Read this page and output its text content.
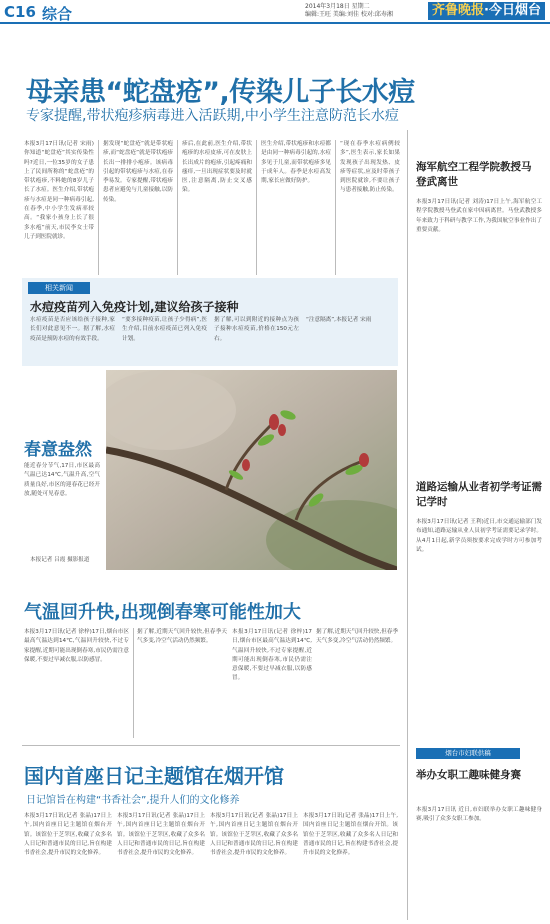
C16 综合	2014年3月18日 星期二
编辑:王旺 美编:刘佳 校对:邱寿湘	齐鲁晚报·今日烟台
母亲患“蛇盘疮”,传染儿子长水痘
专家提醒,带状疱疹病毒进入活跃期,中小学生注意防范长水痘
本报3月17日讯(记者 宋雨) 你知道“蛇盘疮”其实传染性吗?近日,一位35岁的女子患上了民间所称的“蛇盘疮”的带状疱疹,不料她的8岁儿子长了水痘。医生介绍,带状疱疹与水痘是同一种病毒引起,在春季,中小学生发病率较高。“我家小孩身上长了很多水疱”前天,市民李女士带儿子到医院就诊。
据发现“蛇盘疮”就是带状疱疹,而“蛇盘疮”就是带状疱疹长出一排排小疱疹。该病毒引起的带状疱疹与水痘,在春季易发。专家提醒,带状疱疹患者应避免与儿童接触,以防传染。
疹后,在此前,医生介绍,带状疱疹的水痘皮疹,可在皮肤上长出成片的疱疹,引起疼痛和瘙痒,一旦出现症状要及时就医,注意隔离,防止交叉感染。
医生介绍,带状疱疹和水痘都是由同一种病毒引起的,水痘多见于儿童,而带状疱疹多见于成年人。春季是水痘高发期,家长应做好防护。
“现在春季水痘病例较多”,医生表示,家长如果发现孩子出现发热、皮疹等症状,应及时带孩子到医院就诊,不要让孩子与患者接触,防止传染。
相关新闻
水痘疫苗列入免疫计划,建议给孩子接种
水痘疫苗是否应该给孩子接种,家长们对此意见不一。据了解,水痘疫苗是预防水痘的有效手段。
“要多接种疫苗,让孩子少得病”,医生介绍,目前水痘疫苗已列入免疫计划。
据了解,可以到附近的接种点为孩子接种水痘疫苗,价格在150元左右。
“注意隔离”,本报记者 宋雨
春意盎然
能近春分节气,17日,市区最高气温已达14℃,气温升高,空气质量良好,市区的迎春花已经开放,随处可见春意。
本报记者 吕霞 摄影报道
气温回升快,出现倒春寒可能性加大
本报3月17日讯(记者 徐梓)17日,烟台市区最高气温达到14℃,气温回升较快,不过专家提醒,近期可能出现倒春寒,市民仍需注意保暖,不要过早减衣服,以防感冒。
据了解,近期天气回升较快,但春季天气多变,冷空气活动仍然频繁。
本报3月17日讯(记者 徐梓)17日,烟台市区最高气温达到14℃,气温回升较快,不过专家提醒,近期可能出现倒春寒,市民仍需注意保暖,不要过早减衣服,以防感冒。
据了解,近期天气回升较快,但春季天气多变,冷空气活动仍然频繁。
国内首座日记主题馆在烟开馆
日记馆旨在构建“书香社会”,提升人们的文化修养
本报3月17日讯(记者 张晶)17日上午,国内首座日记主题馆在烟台开馆。该馆位于芝罘区,收藏了众多名人日记和普通市民的日记,旨在构建书香社会,提升市民的文化修养。
本报3月17日讯(记者 张晶)17日上午,国内首座日记主题馆在烟台开馆。该馆位于芝罘区,收藏了众多名人日记和普通市民的日记,旨在构建书香社会,提升市民的文化修养。
本报3月17日讯(记者 张晶)17日上午,国内首座日记主题馆在烟台开馆。该馆位于芝罘区,收藏了众多名人日记和普通市民的日记,旨在构建书香社会,提升市民的文化修养。
本报3月17日讯(记者 张晶)17日上午,国内首座日记主题馆在烟台开馆。该馆位于芝罘区,收藏了众多名人日记和普通市民的日记,旨在构建书香社会,提升市民的文化修养。
海军航空工程学院教授马登武离世
本报3月17日讯(记者 刘涛)17日上午,海军航空工程学院教授马登武在家中因病离世。马登武教授多年来致力于科研与教学工作,为我国航空事业作出了重要贡献。
道路运输从业者初学考证需记学时
本报3月17日讯(记者 王利)近日,市交通运输部门发布通知,道路运输从业人员初学考证需要记录学时。从4月1日起,新学员须按要求完成学时方可参加考试。
烟台市妇联供稿
举办女职工趣味健身赛
本报3月17日讯 近日,市妇联举办女职工趣味健身赛,吸引了众多女职工参加。
